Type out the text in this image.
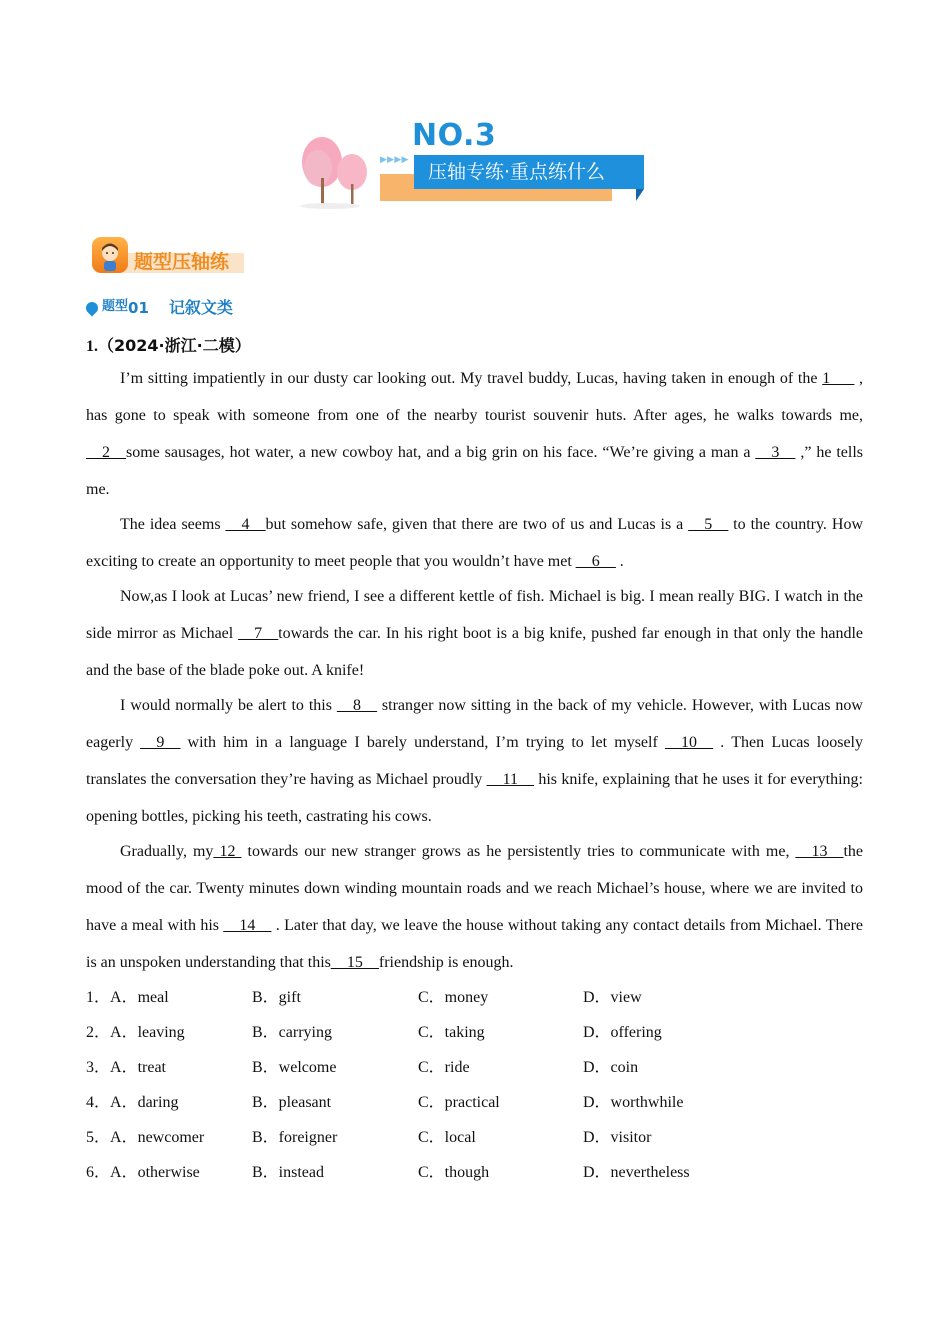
NO.3
▶ ▶ ▶ ▶
压轴专练·重点练什么
题型压轴练
题型01 记叙文类
1.（2024·浙江·二模）

I’m sitting impatiently in our dusty car looking out. My travel buddy, Lucas, having taken in enough of the 1___ , has gone to speak with someone from one of the nearby tourist souvenir huts. After ages, he walks towards me, __2__some sausages, hot water, a new cowboy hat, and a big grin on his face. “We’re giving a man a __3__ ,” he tells me.

The idea seems __4__but somehow safe, given that there are two of us and Lucas is a __5__ to the country. How exciting to create an opportunity to meet people that you wouldn’t have met __6__ .

Now,as I look at Lucas’ new friend, I see a different kettle of fish. Michael is big. I mean really BIG. I watch in the side mirror as Michael __7__towards the car. In his right boot is a big knife, pushed far enough in that only the handle and the base of the blade poke out. A knife!

I would normally be alert to this __8__ stranger now sitting in the back of my vehicle. However, with Lucas now eagerly __9__ with him in a language I barely understand, I’m trying to let myself __10__ . Then Lucas loosely translates the conversation they’re having as Michael proudly __11__ his knife, explaining that he uses it for everything: opening bottles, picking his teeth, castrating his cows.

Gradually, my 12  towards our new stranger grows as he persistently tries to communicate with me, __13__the mood of the car. Twenty minutes down winding mountain roads and we reach Michael’s house, where we are invited to have a meal with his __14__ . Later that day, we leave the house without taking any contact details from Michael. There is an unspoken understanding that this__15__friendship is enough.

1．A．meal	B．gift	C．money	D．view
2．A．leaving	B．carrying	C．taking	D．offering
3．A．treat	B．welcome	C．ride	D．coin
4．A．daring	B．pleasant	C．practical	D．worthwhile
5．A．newcomer	B．foreigner	C．local	D．visitor
6．A．otherwise	B．instead	C．though	D．nevertheless
